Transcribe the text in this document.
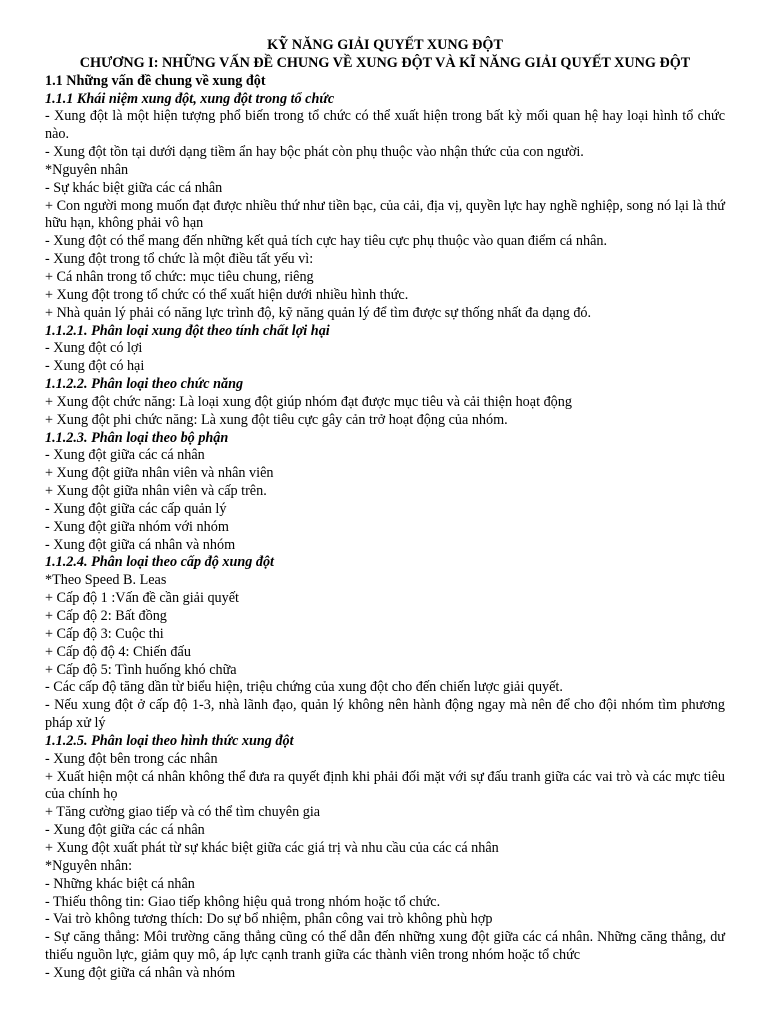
KỸ NĂNG GIẢI QUYẾT XUNG ĐỘT
CHƯƠNG I: NHỮNG VẤN ĐỀ CHUNG VỀ XUNG ĐỘT VÀ KĨ NĂNG GIẢI QUYẾT XUNG ĐỘT
1.1 Những vấn đề chung về xung đột
1.1.1 Khái niệm xung đột, xung đột trong tổ chức
- Xung đột là một hiện tượng phổ biến trong tổ chức có thể xuất hiện trong bất kỳ mối quan hệ hay loại hình tổ chức nào.
- Xung đột tồn tại dưới dạng tiềm ẩn hay bộc phát còn phụ thuộc vào nhận thức của con người.
*Nguyên nhân
- Sự khác biệt giữa các cá nhân
+ Con người mong muốn đạt được nhiều thứ như tiền bạc, của cải, địa vị, quyền lực hay nghề nghiệp, song nó lại là thứ hữu hạn, không phải vô hạn
- Xung đột có thể mang đến những kết quả tích cực hay tiêu cực phụ thuộc vào quan điểm cá nhân.
- Xung đột trong tổ chức là một điều tất yếu vì:
+ Cá nhân trong tổ chức: mục tiêu chung, riêng
+ Xung đột trong tổ chức có thể xuất hiện dưới nhiều hình thức.
+ Nhà quản lý phải có năng lực trình độ, kỹ năng quản lý để tìm được sự thống nhất đa dạng đó.
1.1.2.1. Phân loại xung đột theo tính chất lợi hại
- Xung đột có lợi
- Xung đột có hại
1.1.2.2. Phân loại theo chức năng
+ Xung đột chức năng: Là loại xung đột giúp nhóm đạt được mục tiêu và cải thiện hoạt động
+ Xung đột phi chức năng: Là xung đột tiêu cực gây cản trở hoạt động của nhóm.
1.1.2.3. Phân loại theo bộ phận
- Xung đột giữa các cá nhân
+ Xung đột giữa nhân viên và nhân viên
+ Xung đột giữa nhân viên và cấp trên.
- Xung đột giữa các cấp quản lý
- Xung đột giữa nhóm với nhóm
- Xung đột giữa cá nhân và nhóm
1.1.2.4. Phân loại theo cấp độ xung đột
*Theo Speed B. Leas
+ Cấp độ 1 :Vấn đề cần giải quyết
+ Cấp độ 2: Bất đồng
+ Cấp độ 3: Cuộc thi
+ Cấp độ độ 4: Chiến đấu
+ Cấp độ 5: Tình huống khó chữa
- Các cấp độ tăng dần từ biểu hiện, triệu chứng của xung đột cho đến chiến lược giải quyết.
- Nếu xung đột ở cấp độ 1-3, nhà lãnh đạo, quản lý không nên hành động ngay mà nên để cho đội nhóm tìm phương pháp xử lý
1.1.2.5. Phân loại theo hình thức xung đột
- Xung đột bên trong các nhân
+ Xuất hiện một cá nhân không thể đưa ra quyết định khi phải đối mặt với sự đấu tranh giữa các vai trò và các mực tiêu của chính họ
+ Tăng cường giao tiếp và có thể tìm chuyên gia
- Xung đột giữa các cá nhân
+ Xung đột xuất phát từ sự khác biệt giữa các giá trị và nhu cầu của các cá nhân
*Nguyên nhân:
- Những khác biệt cá nhân
- Thiếu thông tin: Giao tiếp không hiệu quả trong nhóm hoặc tổ chức.
- Vai trò không tương thích: Do sự bổ nhiệm, phân công vai trò không phù hợp
- Sự căng thẳng: Môi trường căng thẳng cũng có thể dẫn đến những xung đột giữa các cá nhân. Những căng thẳng, dư thiếu nguồn lực, giảm quy mô, áp lực cạnh tranh giữa các thành viên trong nhóm hoặc tổ chức
- Xung đột giữa cá nhân và nhóm
